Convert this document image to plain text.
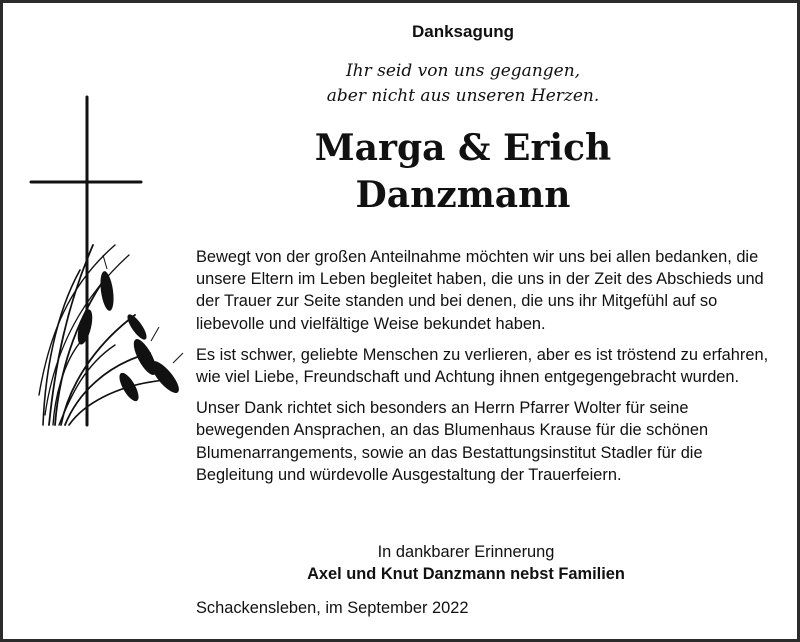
Danksagung
Ihr seid von uns gegangen,
aber nicht aus unseren Herzen.
Marga & Erich
Danzmann

Bewegt von der großen Anteilnahme möchten wir uns bei allen bedanken, die unsere Eltern im Leben begleitet haben, die uns in der Zeit des Abschieds und der Trauer zur Seite standen und bei denen, die uns ihr Mitgefühl auf so liebevolle und vielfältige Weise bekundet haben.

Es ist schwer, geliebte Menschen zu verlieren, aber es ist tröstend zu erfahren, wie viel Liebe, Freundschaft und Achtung ihnen entgegengebracht wurden.

Unser Dank richtet sich besonders an Herrn Pfarrer Wolter für seine bewegenden Ansprachen, an das Blumenhaus Krause für die schönen Blumenarrangements, sowie an das Bestattungsinstitut Stadler für die Begleitung und würdevolle Ausgestaltung der Trauerfeiern.

In dankbarer Erinnerung
Axel und Knut Danzmann nebst Familien
Schackensleben, im September 2022
